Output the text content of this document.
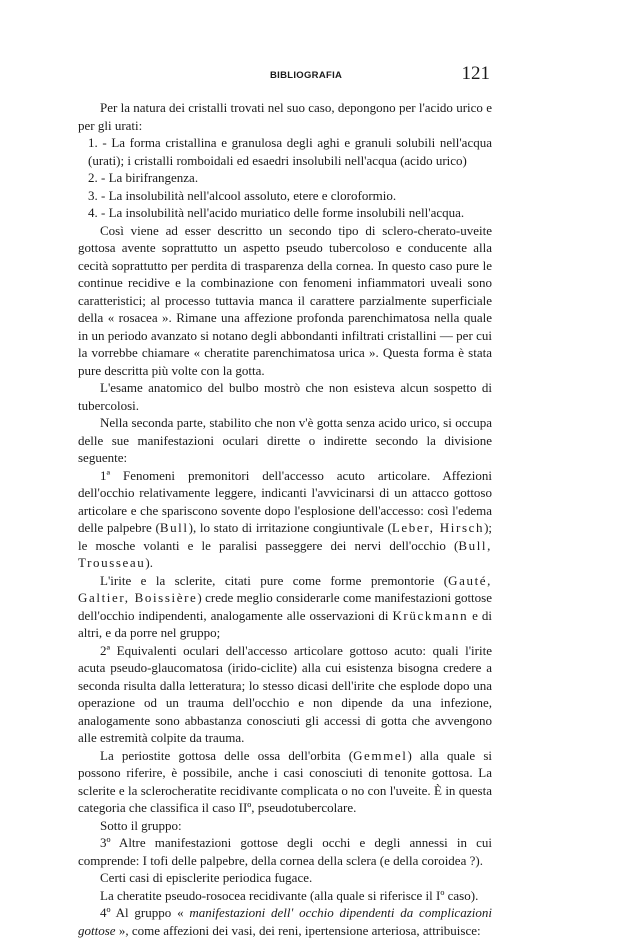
BIBLIOGRAFIA	121

Per la natura dei cristalli trovati nel suo caso, depongono per l'acido urico e per gli urati:

1. - La forma cristallina e granulosa degli aghi e granuli solubili nell'acqua (urati); i cristalli romboidali ed esaedri insolubili nell'acqua (acido urico)

2. - La birifrangenza.

3. - La insolubilità nell'alcool assoluto, etere e cloroformio.

4. - La insolubilità nell'acido muriatico delle forme insolubili nell'acqua.

Così viene ad esser descritto un secondo tipo di sclero-cherato-uveite gottosa avente soprattutto un aspetto pseudo tubercoloso e conducente alla cecità soprattutto per perdita di trasparenza della cornea. In questo caso pure le continue recidive e la combinazione con fenomeni infiammatori uveali sono caratteristici; al processo tuttavia manca il carattere parzialmente superficiale della « rosacea ». Rimane una affezione profonda parenchimatosa nella quale in un periodo avanzato si notano degli abbondanti infiltrati cristallini — per cui la vorrebbe chiamare « cheratite parenchimatosa urica ». Questa forma è stata pure descritta più volte con la gotta.

L'esame anatomico del bulbo mostrò che non esisteva alcun sospetto di tubercolosi.

Nella seconda parte, stabilito che non v'è gotta senza acido urico, si occupa delle sue manifestazioni oculari dirette o indirette secondo la divisione seguente:

1ª Fenomeni premonitori dell'accesso acuto articolare. Affezioni dell'occhio relativamente leggere, indicanti l'avvicinarsi di un attacco gottoso articolare e che spariscono sovente dopo l'esplosione dell'accesso: così l'edema delle palpebre (Bull), lo stato di irritazione congiuntivale (Leber, Hirsch); le mosche volanti e le paralisi passeggere dei nervi dell'occhio (Bull, Trousseau).

L'irite e la sclerite, citati pure come forme premontorie (Gauté, Galtier, Boissière) crede meglio considerarle come manifestazioni gottose dell'occhio indipendenti, analogamente alle osservazioni di Krückmann e di altri, e da porre nel gruppo;

2ª Equivalenti oculari dell'accesso articolare gottoso acuto: quali l'irite acuta pseudo-glaucomatosa (irido-ciclite) alla cui esistenza bisogna credere a seconda risulta dalla letteratura; lo stesso dicasi dell'irite che esplode dopo una operazione od un trauma dell'occhio e non dipende da una infezione, analogamente sono abbastanza conosciuti gli accessi di gotta che avvengono alle estremità colpite da trauma.

La periostite gottosa delle ossa dell'orbita (Gemmel) alla quale si possono riferire, è possibile, anche i casi conosciuti di tenonite gottosa. La sclerite e la sclerocheratite recidivante complicata o no con l'uveite. È in questa categoria che classifica il caso IIº, pseudotubercolare.

Sotto il gruppo:

3º Altre manifestazioni gottose degli occhi e degli annessi in cui comprende: I tofi delle palpebre, della cornea della sclera (e della coroidea ?).

Certi casi di episclerite periodica fugace.

La cheratite pseudo-rosocea recidivante (alla quale si riferisce il Iº caso).

4º Al gruppo « manifestazioni dell' occhio dipendenti da complicazioni gottose », come affezioni dei vasi, dei reni, ipertensione arteriosa, attribuisce:
